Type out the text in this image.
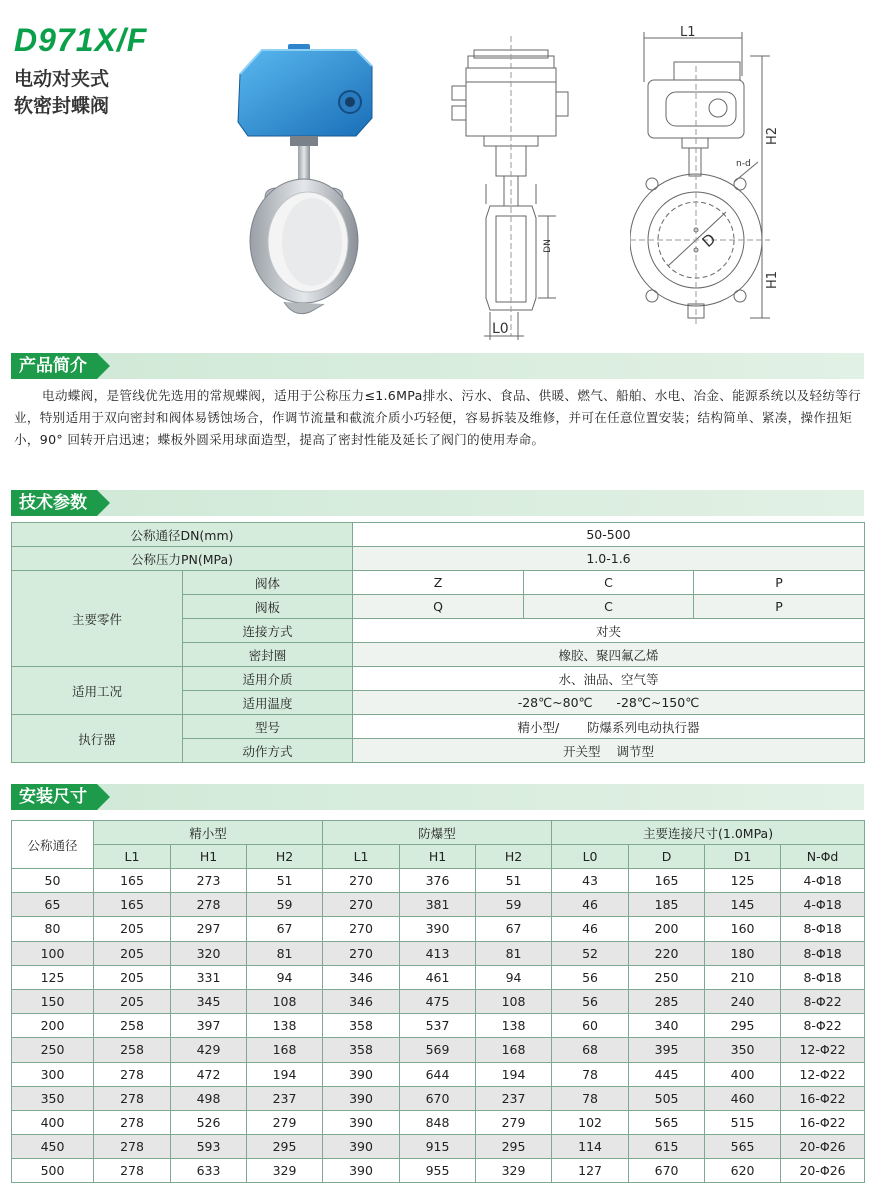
D971X/F
电动对夹式
软密封蝶阀
DN
L0
L1
H2
H1
D
n-d
产品简介

电动蝶阀，是管线优先选用的常规蝶阀，适用于公称压力≤1.6MPa排水、污水、食品、供暖、燃气、船舶、水电、冶金、能源系统以及轻纺等行业，特别适用于双向密封和阀体易锈蚀场合，作调节流量和截流介质小巧轻便，容易拆装及维修，并可在任意位置安装；结构简单、紧凑，操作扭矩小，90° 回转开启迅速；蝶板外圆采用球面造型，提高了密封性能及延长了阀门的使用寿命。

技术参数
公称通径DN(mm)		50-500		
公称压力PN(MPa)		1.0-1.6		
主要零件	阀体	Z	C	P
	阀板	Q	C	P
	连接方式	对夹		
	密封圈	橡胶、聚四氟乙烯		
适用工况	适用介质	水、油品、空气等		
	适用温度	-28℃~80℃      -28℃~150℃		
执行器	型号	精小型/       防爆系列电动执行器		
	动作方式	开关型    调节型		
安装尺寸
公称通径	精小型			防爆型			主要连接尺寸(1.0MPa)			
	L1	H1	H2	L1	H1	H2	L0	D	D1	N-Φd
50	165	273	51	270	376	51	43	165	125	4-Φ18
65	165	278	59	270	381	59	46	185	145	4-Φ18
80	205	297	67	270	390	67	46	200	160	8-Φ18
100	205	320	81	270	413	81	52	220	180	8-Φ18
125	205	331	94	346	461	94	56	250	210	8-Φ18
150	205	345	108	346	475	108	56	285	240	8-Φ22
200	258	397	138	358	537	138	60	340	295	8-Φ22
250	258	429	168	358	569	168	68	395	350	12-Φ22
300	278	472	194	390	644	194	78	445	400	12-Φ22
350	278	498	237	390	670	237	78	505	460	16-Φ22
400	278	526	279	390	848	279	102	565	515	16-Φ22
450	278	593	295	390	915	295	114	615	565	20-Φ26
500	278	633	329	390	955	329	127	670	620	20-Φ26
